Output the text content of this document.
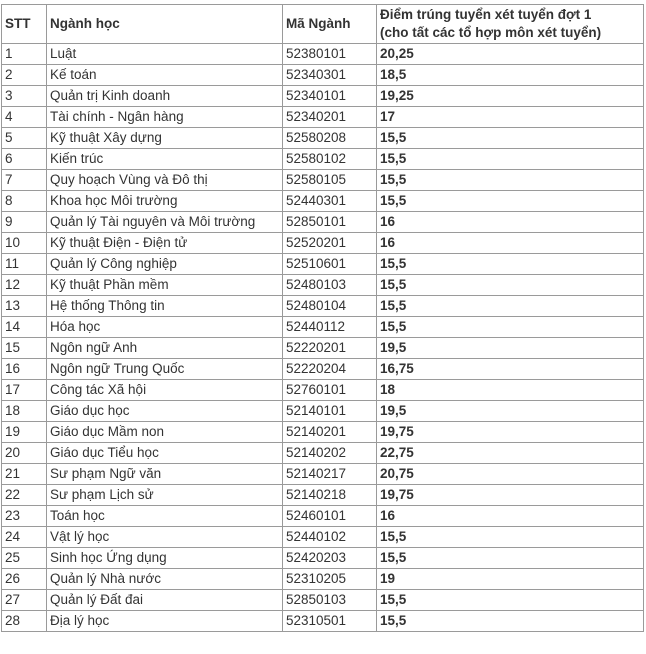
STT	Ngành học	Mã Ngành	Điểm trúng tuyển xét tuyển đợt 1
(cho tất các tổ hợp môn xét tuyển)

1	Luật	52380101	20,25
2	Kế toán	52340301	18,5
3	Quản trị Kinh doanh	52340101	19,25
4	Tài chính - Ngân hàng	52340201	17
5	Kỹ thuật Xây dựng	52580208	15,5
6	Kiến trúc	52580102	15,5
7	Quy hoạch Vùng và Đô thị	52580105	15,5
8	Khoa học Môi trường	52440301	15,5
9	Quản lý Tài nguyên và Môi trường	52850101	16
10	Kỹ thuật Điện - Điện tử	52520201	16
11	Quản lý Công nghiệp	52510601	15,5
12	Kỹ thuật Phần mềm	52480103	15,5
13	Hệ thống Thông tin	52480104	15,5
14	Hóa học	52440112	15,5
15	Ngôn ngữ Anh	52220201	19,5
16	Ngôn ngữ Trung Quốc	52220204	16,75
17	Công tác Xã hội	52760101	18
18	Giáo dục học	52140101	19,5
19	Giáo dục Mầm non	52140201	19,75
20	Giáo dục Tiểu học	52140202	22,75
21	Sư phạm Ngữ văn	52140217	20,75
22	Sư phạm Lịch sử	52140218	19,75
23	Toán học	52460101	16
24	Vật lý học	52440102	15,5
25	Sinh học Ứng dụng	52420203	15,5
26	Quản lý Nhà nước	52310205	19
27	Quản lý Đất đai	52850103	15,5
28	Địa lý học	52310501	15,5
